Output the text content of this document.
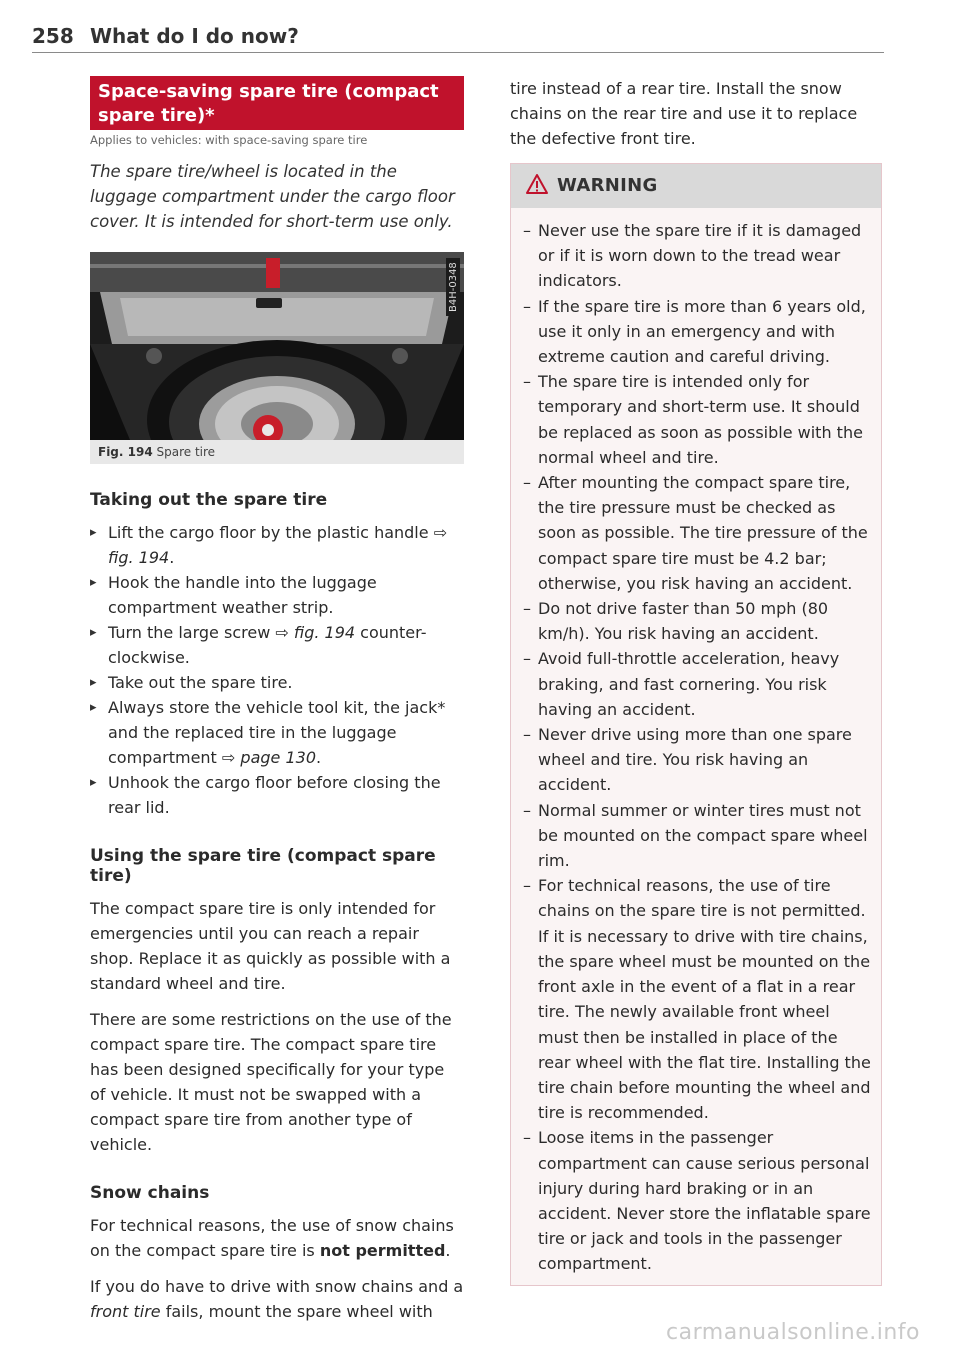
258 What do I do now?
Space-saving spare tire (compact spare tire)*
Applies to vehicles: with space-saving spare tire
The spare tire/wheel is located in the luggage compartment under the cargo floor cover. It is intended for short-term use only.
B4H-0348
Fig. 194 Spare tire
Taking out the spare tire
▸ Lift the cargo floor by the plastic handle ⇨ fig. 194.
▸ Hook the handle into the luggage compartment weather strip.
▸ Turn the large screw ⇨ fig. 194 counter-clockwise.
▸ Take out the spare tire.
▸ Always store the vehicle tool kit, the jack* and the replaced tire in the luggage compartment ⇨ page 130.
▸ Unhook the cargo floor before closing the rear lid.
Using the spare tire (compact spare tire)

The compact spare tire is only intended for emergencies until you can reach a repair shop. Replace it as quickly as possible with a standard wheel and tire.

There are some restrictions on the use of the compact spare tire. The compact spare tire has been designed specifically for your type of vehicle. It must not be swapped with a compact spare tire from another type of vehicle.

Snow chains

For technical reasons, the use of snow chains on the compact spare tire is not permitted.

If you do have to drive with snow chains and a front tire fails, mount the spare wheel with

tire instead of a rear tire. Install the snow chains on the rear tire and use it to replace the defective front tire.

WARNING
– Never use the spare tire if it is damaged or if it is worn down to the tread wear indicators.
– If the spare tire is more than 6 years old, use it only in an emergency and with extreme caution and careful driving.
– The spare tire is intended only for temporary and short-term use. It should be replaced as soon as possible with the normal wheel and tire.
– After mounting the compact spare tire, the tire pressure must be checked as soon as possible. The tire pressure of the compact spare tire must be 4.2 bar; otherwise, you risk having an accident.
– Do not drive faster than 50 mph (80 km/h). You risk having an accident.
– Avoid full-throttle acceleration, heavy braking, and fast cornering. You risk having an accident.
– Never drive using more than one spare wheel and tire. You risk having an accident.
– Normal summer or winter tires must not be mounted on the compact spare wheel rim.
– For technical reasons, the use of tire chains on the spare tire is not permitted. If it is necessary to drive with tire chains, the spare wheel must be mounted on the front axle in the event of a flat in a rear tire. The newly available front wheel must then be installed in place of the rear wheel with the flat tire. Installing the tire chain before mounting the wheel and tire is recommended.
– Loose items in the passenger compartment can cause serious personal injury during hard braking or in an accident. Never store the inflatable spare tire or jack and tools in the passenger compartment.
carmanualsonline.info
